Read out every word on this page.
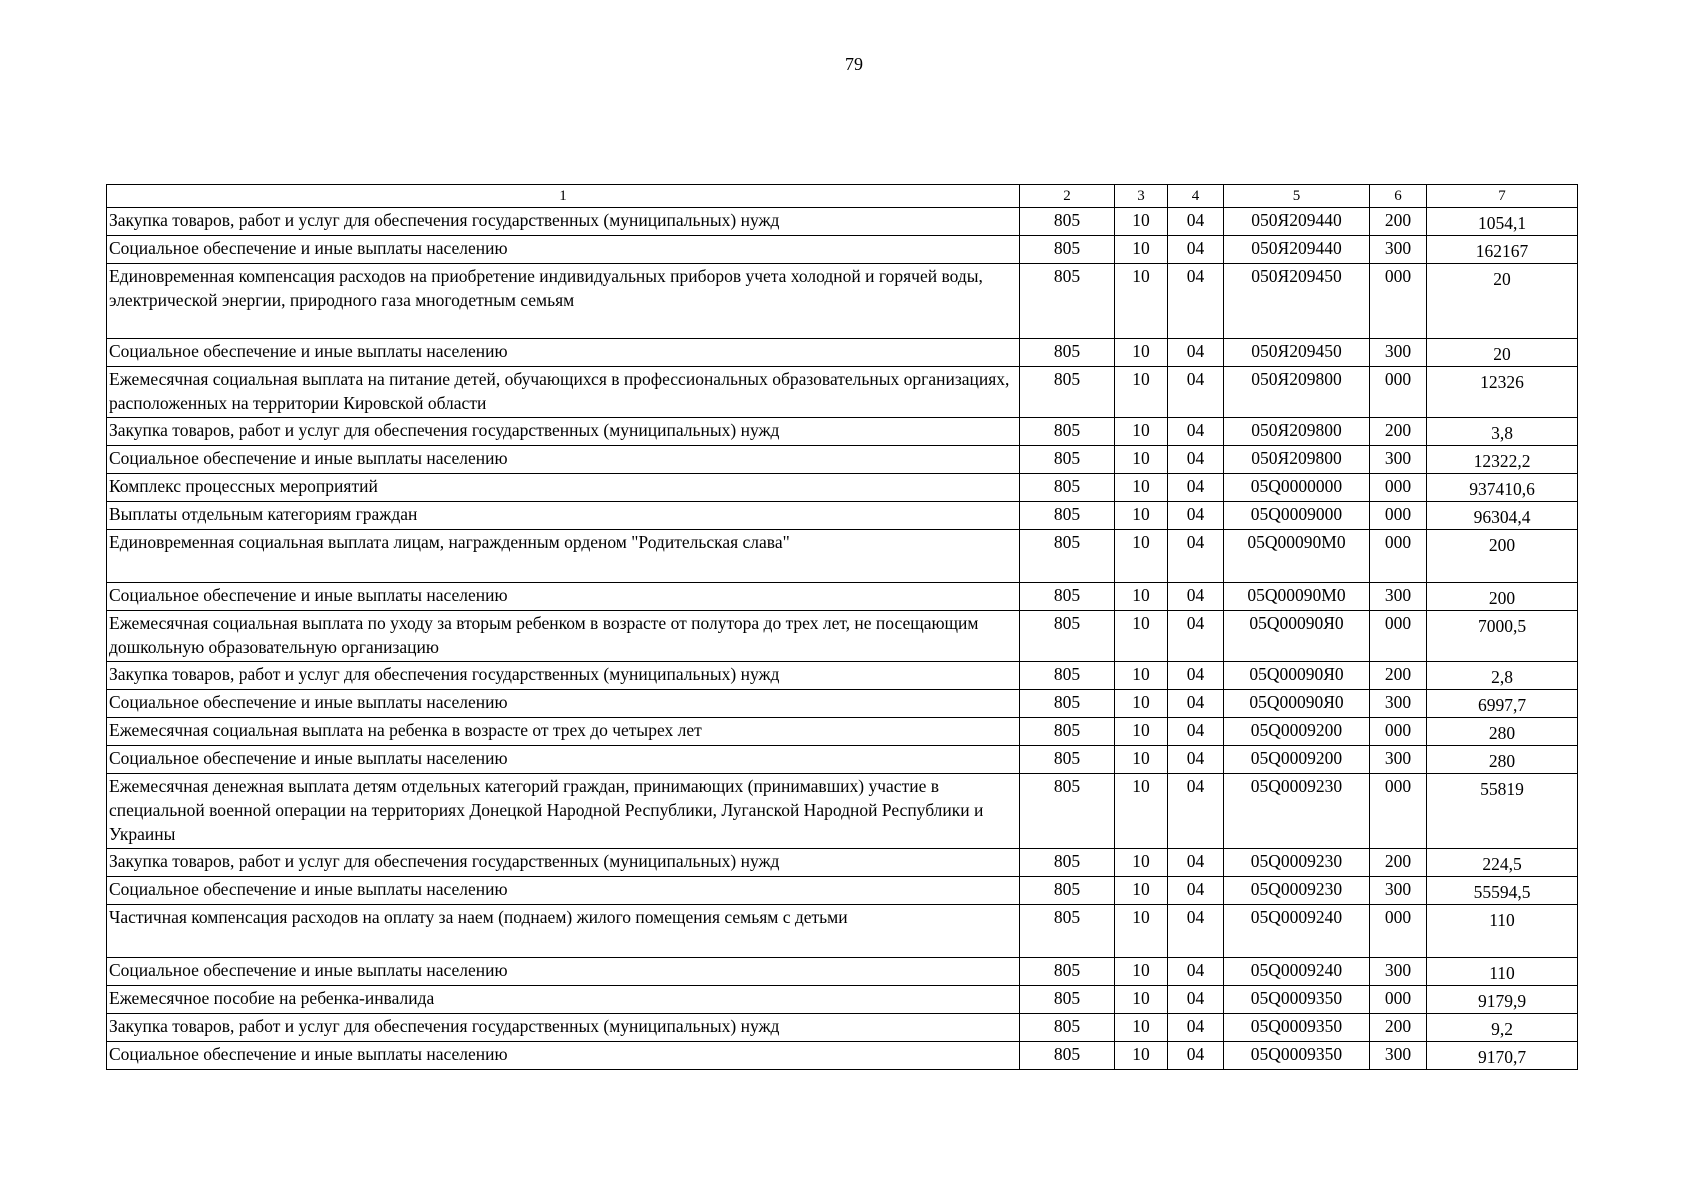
79
1	2	3	4	5	6	7
Закупка товаров, работ и услуг для обеспечения государственных (муниципальных) нужд	805	10	04	050Я209440	200	1054,1
Социальное обеспечение и иные выплаты населению	805	10	04	050Я209440	300	162167
Единовременная компенсация расходов на приобретение индивидуальных приборов учета холодной и горячей воды, электрической энергии, природного газа многодетным семьям	805	10	04	050Я209450	000	20
Социальное обеспечение и иные выплаты населению	805	10	04	050Я209450	300	20
Ежемесячная социальная выплата на питание детей, обучающихся в профессиональных образовательных организациях, расположенных на территории Кировской области	805	10	04	050Я209800	000	12326
Закупка товаров, работ и услуг для обеспечения государственных (муниципальных) нужд	805	10	04	050Я209800	200	3,8
Социальное обеспечение и иные выплаты населению	805	10	04	050Я209800	300	12322,2
Комплекс процессных мероприятий	805	10	04	05Q0000000	000	937410,6
Выплаты отдельным категориям граждан	805	10	04	05Q0009000	000	96304,4
Единовременная социальная выплата лицам, награжденным орденом "Родительская слава"	805	10	04	05Q00090M0	000	200
Социальное обеспечение и иные выплаты населению	805	10	04	05Q00090M0	300	200
Ежемесячная социальная выплата по уходу за вторым ребенком в возрасте от полутора до трех лет, не посещающим дошкольную образовательную организацию	805	10	04	05Q00090Я0	000	7000,5
Закупка товаров, работ и услуг для обеспечения государственных (муниципальных) нужд	805	10	04	05Q00090Я0	200	2,8
Социальное обеспечение и иные выплаты населению	805	10	04	05Q00090Я0	300	6997,7
Ежемесячная социальная выплата на ребенка в возрасте от трех до четырех лет	805	10	04	05Q0009200	000	280
Социальное обеспечение и иные выплаты населению	805	10	04	05Q0009200	300	280
Ежемесячная денежная выплата детям отдельных категорий граждан, принимающих (принимавших) участие в специальной военной операции на территориях Донецкой Народной Республики, Луганской Народной Республики и Украины	805	10	04	05Q0009230	000	55819
Закупка товаров, работ и услуг для обеспечения государственных (муниципальных) нужд	805	10	04	05Q0009230	200	224,5
Социальное обеспечение и иные выплаты населению	805	10	04	05Q0009230	300	55594,5
Частичная компенсация расходов на оплату за наем (поднаем) жилого помещения семьям с детьми	805	10	04	05Q0009240	000	110
Социальное обеспечение и иные выплаты населению	805	10	04	05Q0009240	300	110
Ежемесячное пособие на ребенка-инвалида	805	10	04	05Q0009350	000	9179,9
Закупка товаров, работ и услуг для обеспечения государственных (муниципальных) нужд	805	10	04	05Q0009350	200	9,2
Социальное обеспечение и иные выплаты населению	805	10	04	05Q0009350	300	9170,7
